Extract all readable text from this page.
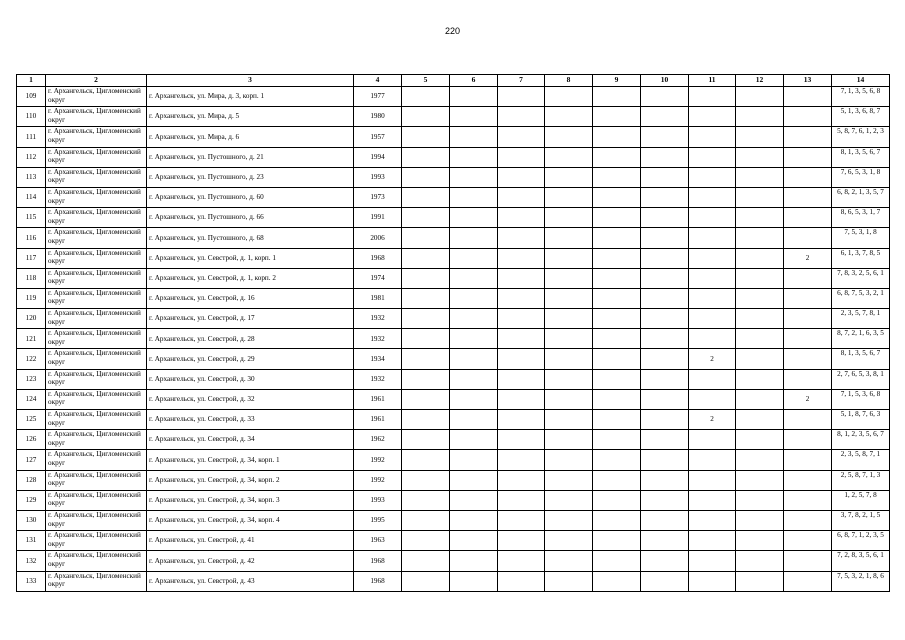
220
1	2	3	4	5	6	7	8	9	10	11	12	13	14
109	г. Архангельск, Цигломенский округ	г. Архангельск, ул. Мира, д. 3, корп. 1	1977										7, 1, 3, 5, 6, 8
110	г. Архангельск, Цигломенский округ	г. Архангельск, ул. Мира, д. 5	1980										5, 1, 3, 6, 8, 7
111	г. Архангельск, Цигломенский округ	г. Архангельск, ул. Мира, д. 6	1957										5, 8, 7, 6, 1, 2, 3
112	г. Архангельск, Цигломенский округ	г. Архангельск, ул. Пустошного, д. 21	1994										8, 1, 3, 5, 6, 7
113	г. Архангельск, Цигломенский округ	г. Архангельск, ул. Пустошного, д. 23	1993										7, 6, 5, 3, 1, 8
114	г. Архангельск, Цигломенский округ	г. Архангельск, ул. Пустошного, д. 60	1973										6, 8, 2, 1, 3, 5, 7
115	г. Архангельск, Цигломенский округ	г. Архангельск, ул. Пустошного, д. 66	1991										8, 6, 5, 3, 1, 7
116	г. Архангельск, Цигломенский округ	г. Архангельск, ул. Пустошного, д. 68	2006										7, 5, 3, 1, 8
117	г. Архангельск, Цигломенский округ	г. Архангельск, ул. Севстрой, д. 1, корп. 1	1968									2	6, 1, 3, 7, 8, 5
118	г. Архангельск, Цигломенский округ	г. Архангельск, ул. Севстрой, д. 1, корп. 2	1974										7, 8, 3, 2, 5, 6, 1
119	г. Архангельск, Цигломенский округ	г. Архангельск, ул. Севстрой, д. 16	1981										6, 8, 7, 5, 3, 2, 1
120	г. Архангельск, Цигломенский округ	г. Архангельск, ул. Севстрой, д. 17	1932										2, 3, 5, 7, 8, 1
121	г. Архангельск, Цигломенский округ	г. Архангельск, ул. Севстрой, д. 28	1932										8, 7, 2, 1, 6, 3, 5
122	г. Архангельск, Цигломенский округ	г. Архангельск, ул. Севстрой, д. 29	1934							2			8, 1, 3, 5, 6, 7
123	г. Архангельск, Цигломенский округ	г. Архангельск, ул. Севстрой, д. 30	1932										2, 7, 6, 5, 3, 8, 1
124	г. Архангельск, Цигломенский округ	г. Архангельск, ул. Севстрой, д. 32	1961									2	7, 1, 5, 3, 6, 8
125	г. Архангельск, Цигломенский округ	г. Архангельск, ул. Севстрой, д. 33	1961							2			5, 1, 8, 7, 6, 3
126	г. Архангельск, Цигломенский округ	г. Архангельск, ул. Севстрой, д. 34	1962										8, 1, 2, 3, 5, 6, 7
127	г. Архангельск, Цигломенский округ	г. Архангельск, ул. Севстрой, д. 34, корп. 1	1992										2, 3, 5, 8, 7, 1
128	г. Архангельск, Цигломенский округ	г. Архангельск, ул. Севстрой, д. 34, корп. 2	1992										2, 5, 8, 7, 1, 3
129	г. Архангельск, Цигломенский округ	г. Архангельск, ул. Севстрой, д. 34, корп. 3	1993										1, 2, 5, 7, 8
130	г. Архангельск, Цигломенский округ	г. Архангельск, ул. Севстрой, д. 34, корп. 4	1995										3, 7, 8, 2, 1, 5
131	г. Архангельск, Цигломенский округ	г. Архангельск, ул. Севстрой, д. 41	1963										6, 8, 7, 1, 2, 3, 5
132	г. Архангельск, Цигломенский округ	г. Архангельск, ул. Севстрой, д. 42	1968										7, 2, 8, 3, 5, 6, 1
133	г. Архангельск, Цигломенский округ	г. Архангельск, ул. Севстрой, д. 43	1968										7, 5, 3, 2, 1, 8, 6
